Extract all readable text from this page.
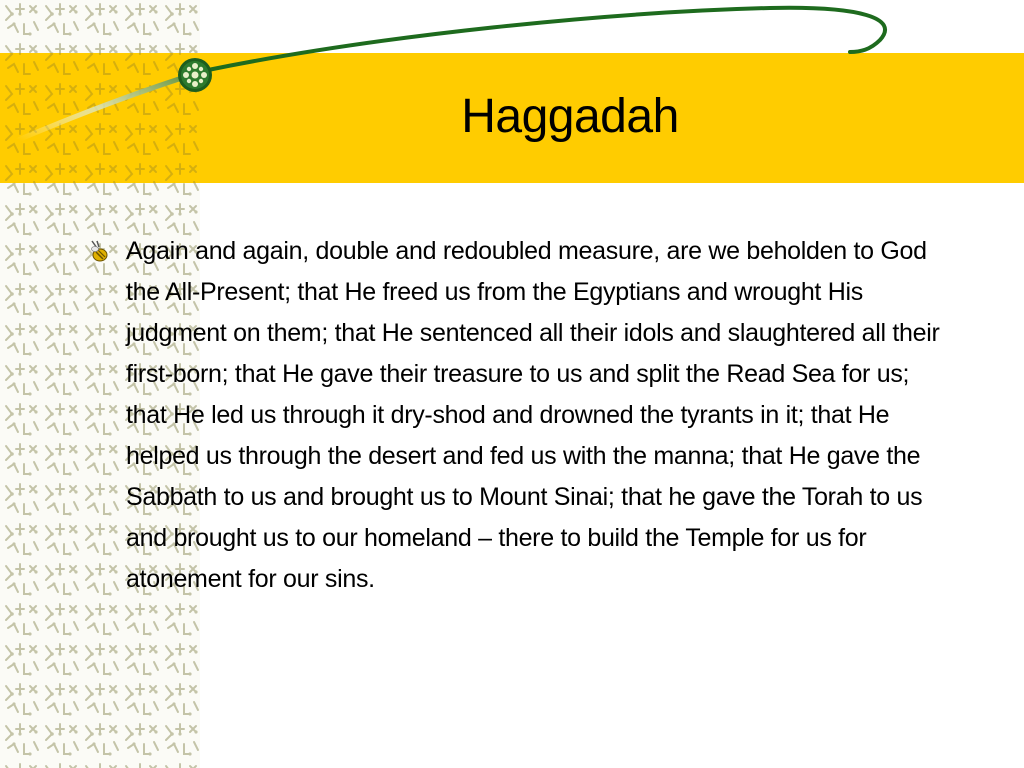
Haggadah

Again and again, double and redoubled measure, are we beholden to God the All-Present; that He freed us from the Egyptians and wrought His judgment on them; that He sentenced all their idols and slaughtered all their first-born; that He gave their treasure to us and split the Read Sea for us; that He led us through it dry-shod and drowned the tyrants in it; that He helped us through the desert and fed us with the manna; that He gave the Sabbath to us and brought us to Mount Sinai; that he gave the Torah to us and brought us to our homeland – there to build the Temple for us for atonement for our sins.
